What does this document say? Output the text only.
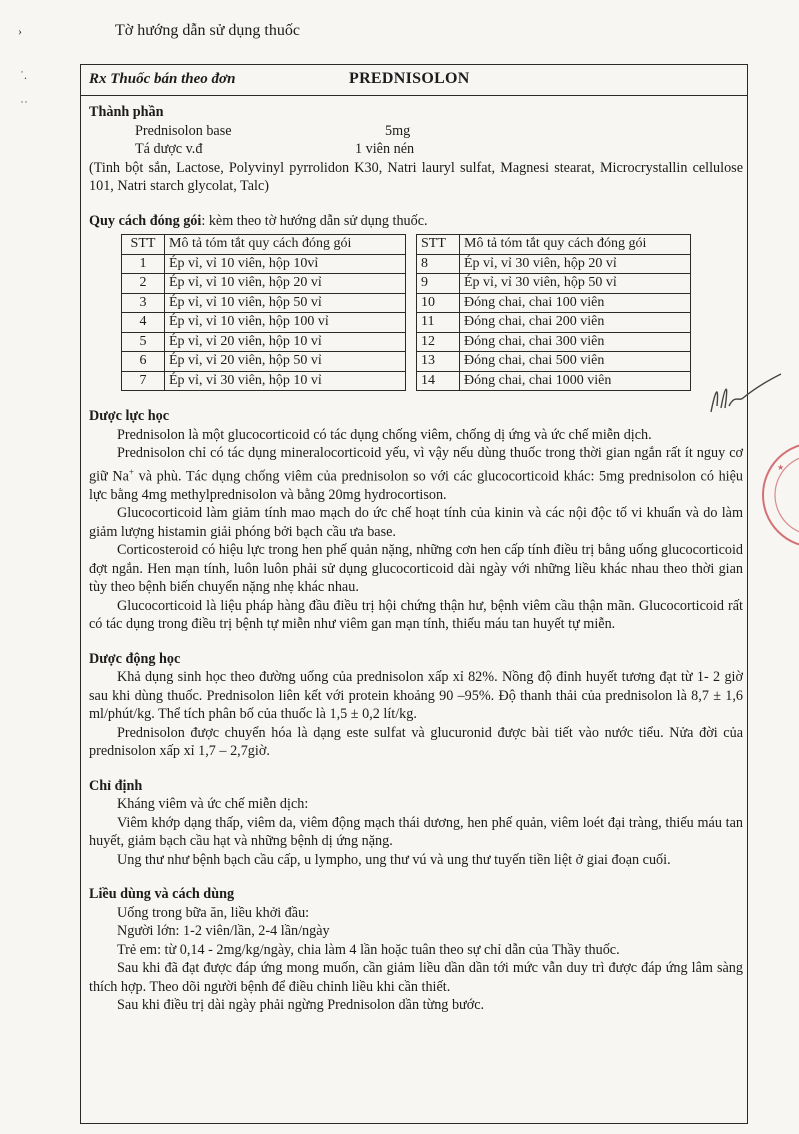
Tờ hướng dẫn sử dụng thuốc
›
˙.
˙˙
Rx Thuốc bán theo đơn	PREDNISOLON

Thành phần

Prednisolon base	5mg
Tá dược v.đ	1 viên nén

(Tinh bột sắn, Lactose, Polyvinyl pyrrolidon K30, Natri lauryl sulfat, Magnesi stearat, Microcrystallin cellulose 101, Natri starch glycolat, Talc)

Quy cách đóng gói: kèm theo tờ hướng dẫn sử dụng thuốc.

STT	Mô tả tóm tắt quy cách đóng gói
1	Ép vỉ, vỉ 10 viên, hộp 10vỉ
2	Ép vỉ, vỉ 10 viên, hộp 20 vỉ
3	Ép vỉ, vỉ 10 viên, hộp 50 vỉ
4	Ép vỉ, vỉ 10 viên, hộp 100 vỉ
5	Ép vỉ, vỉ 20 viên, hộp 10 vỉ
6	Ép vỉ, vỉ 20 viên, hộp 50 vỉ
7	Ép vỉ, vỉ 30 viên, hộp 10 vỉ
STT	Mô tả tóm tắt quy cách đóng gói
8	Ép vỉ, vỉ 30 viên, hộp 20 vỉ
9	Ép vỉ, vỉ 30 viên, hộp 50 vỉ
10	Đóng chai, chai 100 viên
11	Đóng chai, chai 200 viên
12	Đóng chai, chai 300 viên
13	Đóng chai, chai 500 viên
14	Đóng chai, chai 1000 viên

Dược lực học

Prednisolon là một glucocorticoid có tác dụng chống viêm, chống dị ứng và ức chế miễn dịch.

Prednisolon chỉ có tác dụng mineralocorticoid yếu, vì vậy nếu dùng thuốc trong thời gian ngắn rất ít nguy cơ giữ Na+ và phù. Tác dụng chống viêm của prednisolon so với các glucocorticoid khác: 5mg prednisolon có hiệu lực bằng 4mg methylprednisolon và bằng 20mg hydrocortison.

Glucocorticoid làm giảm tính mao mạch do ức chế hoạt tính của kinin và các nội độc tố vi khuẩn và do làm giảm lượng histamin giải phóng bởi bạch cầu ưa base.

Corticosteroid có hiệu lực trong hen phế quản nặng, những cơn hen cấp tính điều trị bằng uống glucocorticoid đợt ngắn. Hen mạn tính, luôn luôn phải sử dụng glucocorticoid dài ngày với những liều khác nhau theo thời gian tùy theo bệnh biến chuyển nặng nhẹ khác nhau.

Glucocorticoid là liệu pháp hàng đầu điều trị hội chứng thận hư, bệnh viêm cầu thận mãn. Glucocorticoid rất có tác dụng trong điều trị bệnh tự miễn như viêm gan mạn tính, thiếu máu tan huyết tự miễn.

Dược động học

Khả dụng sinh học theo đường uống của prednisolon xấp xỉ 82%. Nồng độ đỉnh huyết tương đạt từ 1- 2 giờ sau khi dùng thuốc. Prednisolon liên kết với protein khoảng 90 –95%. Độ thanh thải của prednisolon là 8,7 ± 1,6 ml/phút/kg. Thể tích phân bố của thuốc là 1,5 ± 0,2 lít/kg.

Prednisolon được chuyển hóa là dạng este sulfat và glucuronid được bài tiết vào nước tiểu. Nửa đời của prednisolon xấp xỉ 1,7 – 2,7giờ.

Chỉ định

Kháng viêm và ức chế miễn dịch:

Viêm khớp dạng thấp, viêm da, viêm động mạch thái dương, hen phế quản, viêm loét đại tràng, thiếu máu tan huyết, giảm bạch cầu hạt và những bệnh dị ứng nặng.

Ung thư như bệnh bạch cầu cấp, u lympho, ung thư vú và ung thư tuyến tiền liệt ở giai đoạn cuối.

Liều dùng và cách dùng

Uống trong bữa ăn, liều khởi đầu:

Người lớn: 1-2 viên/lần, 2-4 lần/ngày

Trẻ em: từ 0,14 - 2mg/kg/ngày, chia làm 4 lần hoặc tuân theo sự chỉ dẫn của Thầy thuốc.

Sau khi đã đạt được đáp ứng mong muốn, cần giảm liều dần dần tới mức vẫn duy trì được đáp ứng lâm sàng thích hợp. Theo dõi người bệnh để điều chỉnh liều khi cần thiết.

Sau khi điều trị dài ngày phải ngừng Prednisolon dần từng bước.

★
